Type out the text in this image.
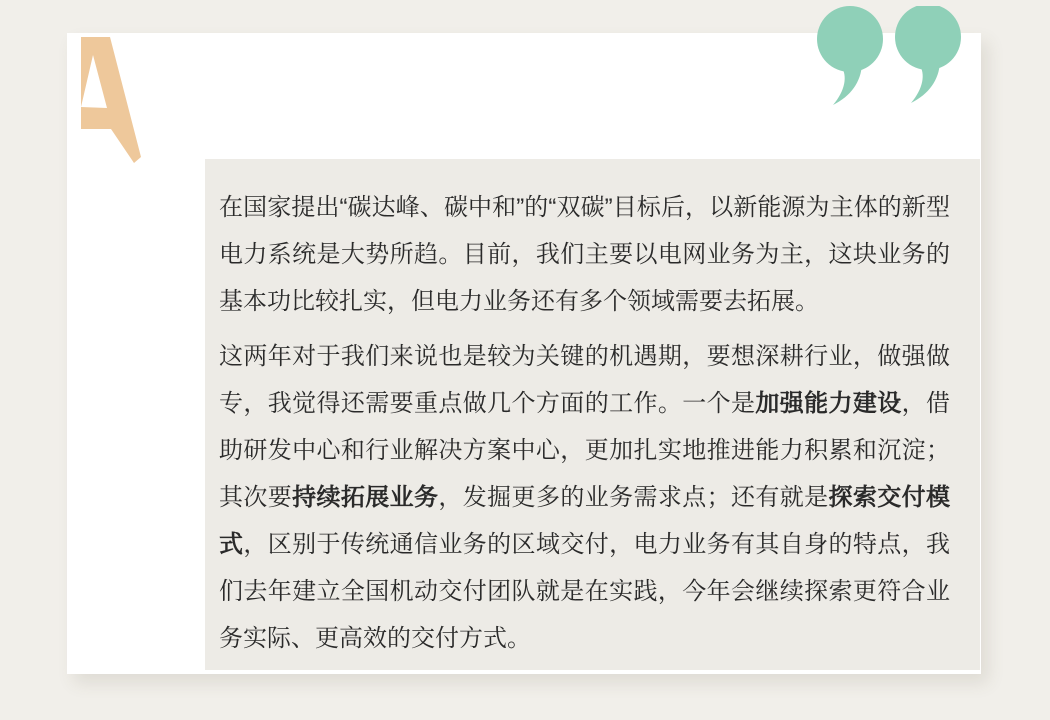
在国家提出“碳达峰、碳中和”的“双碳”目标后，以新能源为主体的新型电力系统是大势所趋。目前，我们主要以电网业务为主，这块业务的基本功比较扎实，但电力业务还有多个领域需要去拓展。

这两年对于我们来说也是较为关键的机遇期，要想深耕行业，做强做专，我觉得还需要重点做几个方面的工作。一个是加强能力建设，借助研发中心和行业解决方案中心，更加扎实地推进能力积累和沉淀；其次要持续拓展业务，发掘更多的业务需求点；还有就是探索交付模式，区别于传统通信业务的区域交付，电力业务有其自身的特点，我们去年建立全国机动交付团队就是在实践，今年会继续探索更符合业务实际、更高效的交付方式。
